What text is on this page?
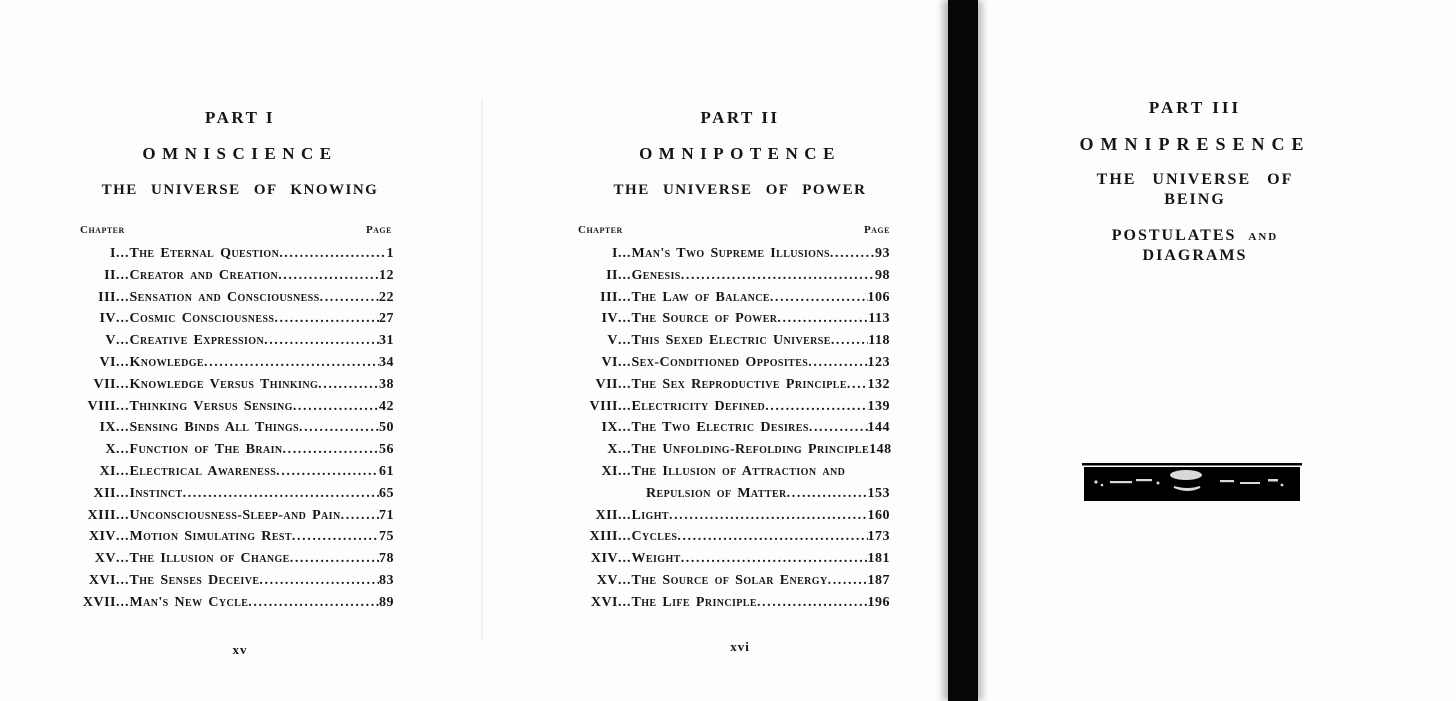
PART I
OMNISCIENCE
THE UNIVERSE OF KNOWING
Chapter	Page
I ... The Eternal Question .....	1
II ... Creator and Creation .....	12
III ... Sensation and Consciousness .....	22
IV ... Cosmic Consciousness .....	27
V ... Creative Expression .....	31
VI ... Knowledge .....	34
VII ... Knowledge Versus Thinking .....	38
VIII ... Thinking Versus Sensing .....	42
IX ... Sensing Binds All Things .....	50
X ... Function of The Brain .....	56
XI ... Electrical Awareness .....	61
XII ... Instinct .....	65
XIII ... Unconsciousness-Sleep-and Pain .....	71
XIV ... Motion Simulating Rest .....	75
XV ... The Illusion of Change .....	78
XVI ... The Senses Deceive .....	83
XVII ... Man's New Cycle .....	89
xv
PART II
OMNIPOTENCE
THE UNIVERSE OF POWER
Chapter	Page
I ... Man's Two Supreme Illusions .....	93
II ... Genesis .....	98
III ... The Law of Balance .....	106
IV ... The Source of Power .....	113
V ... This Sexed Electric Universe .....	118
VI ... Sex-Conditioned Opposites .....	123
VII ... The Sex Reproductive Principle ..... 132
VIII ... Electricity Defined .....	139
IX ... The Two Electric Desires .....	144
X ... The Unfolding-Refolding Principle 148
XI ... The Illusion of Attraction and
Repulsion of Matter .....	153
XII ... Light .....	160
XIII ... Cycles .....	173
XIV ... Weight .....	181
XV ... The Source of Solar Energy .....	187
XVI ... The Life Principle .....	196
xvi
PART III
OMNIPRESENCE
THE UNIVERSE OF BEING
POSTULATES and DIAGRAMS
